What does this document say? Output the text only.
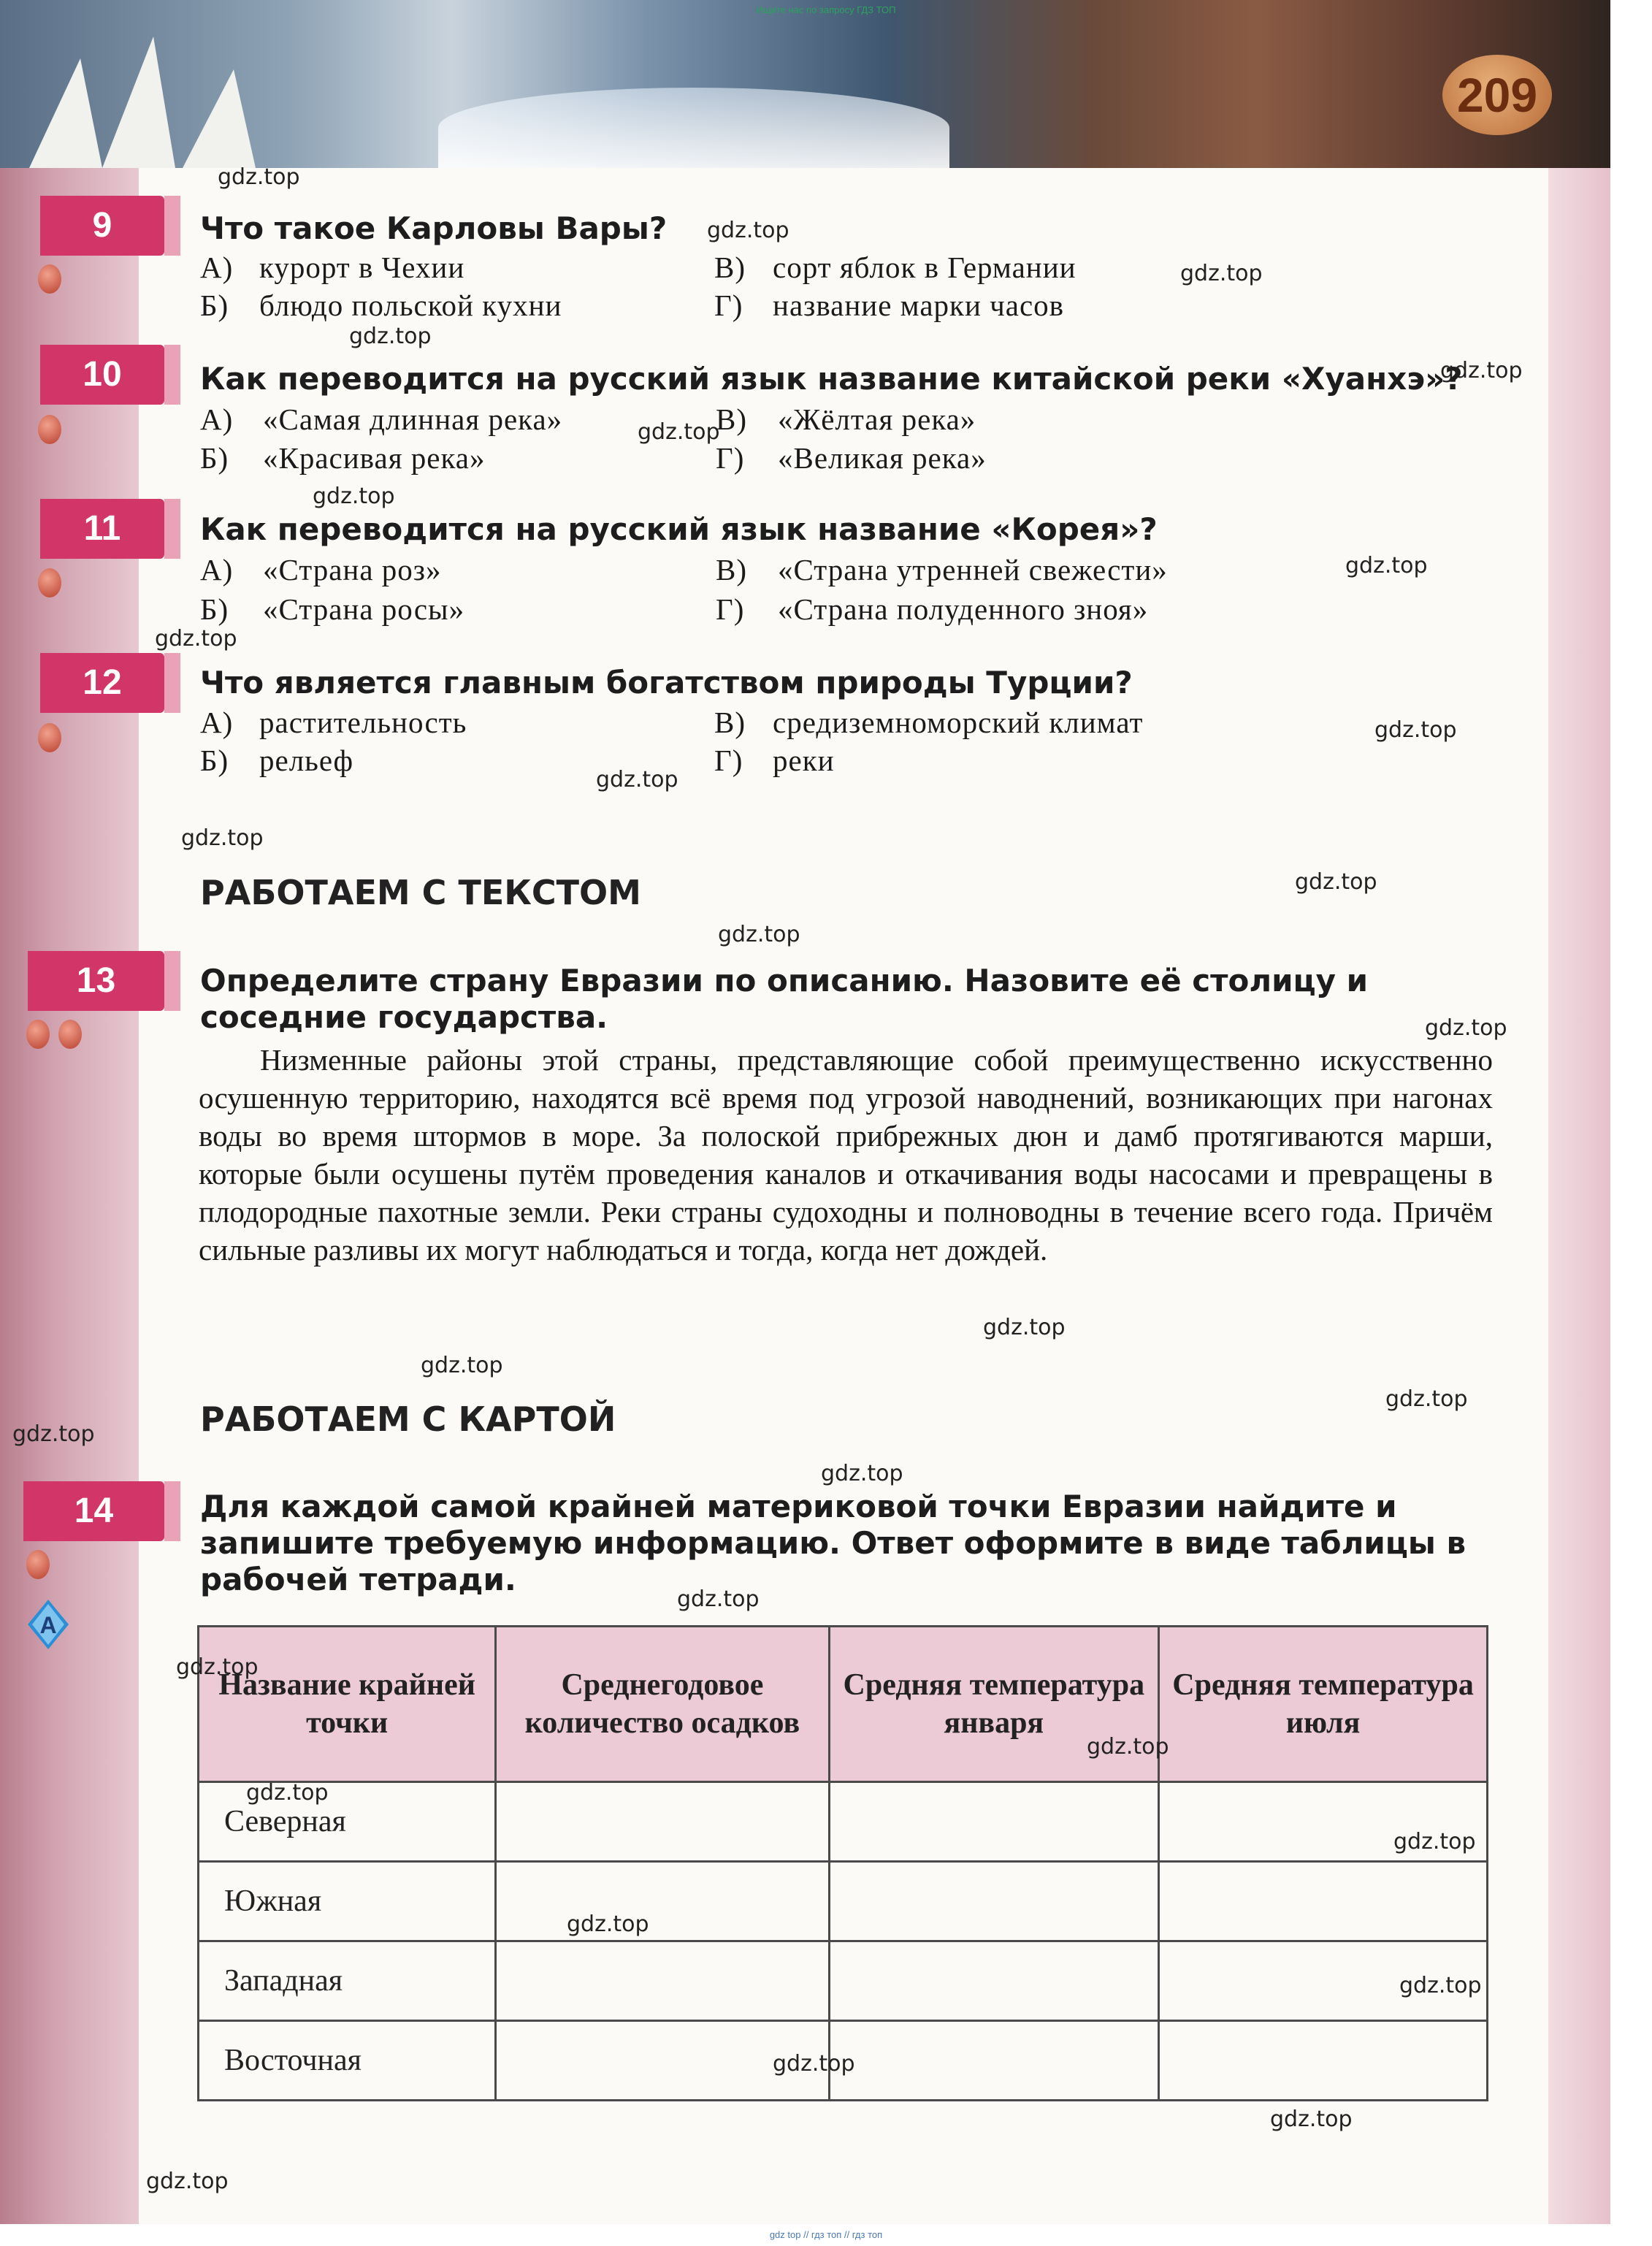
209
9	Что такое Карловы Вары?
А) курорт в Чехии	В) сорт яблок в Германии
Б) блюдо польской кухни	Г) название марки часов
10	Как переводится на русский язык название китайской реки «Хуанхэ»?
А) «Самая длинная река»	В) «Жёлтая река»
Б) «Красивая река»	Г) «Великая река»
11	Как переводится на русский язык название «Корея»?
А) «Страна роз»	В) «Страна утренней свежести»
Б) «Страна росы»	Г) «Страна полуденного зноя»
12	Что является главным богатством природы Турции?
А) растительность	В) средиземноморский климат
Б) рельеф	Г) реки
РАБОТАЕМ С ТЕКСТОМ
13	Определите страну Евразии по описанию. Назовите её столицу и соседние государства.
Низменные районы этой страны, представляющие собой преимущественно искусственно осушенную территорию, находятся всё время под угрозой наводнений, возникающих при нагонах воды во время штормов в море. За полоской прибрежных дюн и дамб протягиваются марши, которые были осушены путём проведения каналов и откачивания воды насосами и превращены в плодородные пахотные земли. Реки страны судоходны и полноводны в течение всего года. Причём сильные разливы их могут наблюдаться и тогда, когда нет дождей.
РАБОТАЕМ С КАРТОЙ
14
A
Для каждой самой крайней материковой точки Евразии найдите и запишите требуемую информацию. Ответ оформите в виде таблицы в рабочей тетради.
Название крайней точки	Среднегодовое количество осадков	Средняя температура января	Средняя температура июля
Северная			
Южная			
Западная			
Восточная			
gdz.top
gdz.top
gdz.top
gdz.top
gdz.top
gdz.top
gdz.top
gdz.top
gdz.top
gdz.top
gdz.top
gdz.top
gdz.top
gdz.top
gdz.top
gdz.top
gdz.top
gdz.top
gdz.top
gdz.top
gdz.top
gdz.top
gdz.top
gdz.top
gdz.top
gdz.top
gdz.top
gdz.top
gdz.top
gdz.top
Ищите нас по запросу ГДЗ ТОП
gdz top // гдз топ // гдз топ
